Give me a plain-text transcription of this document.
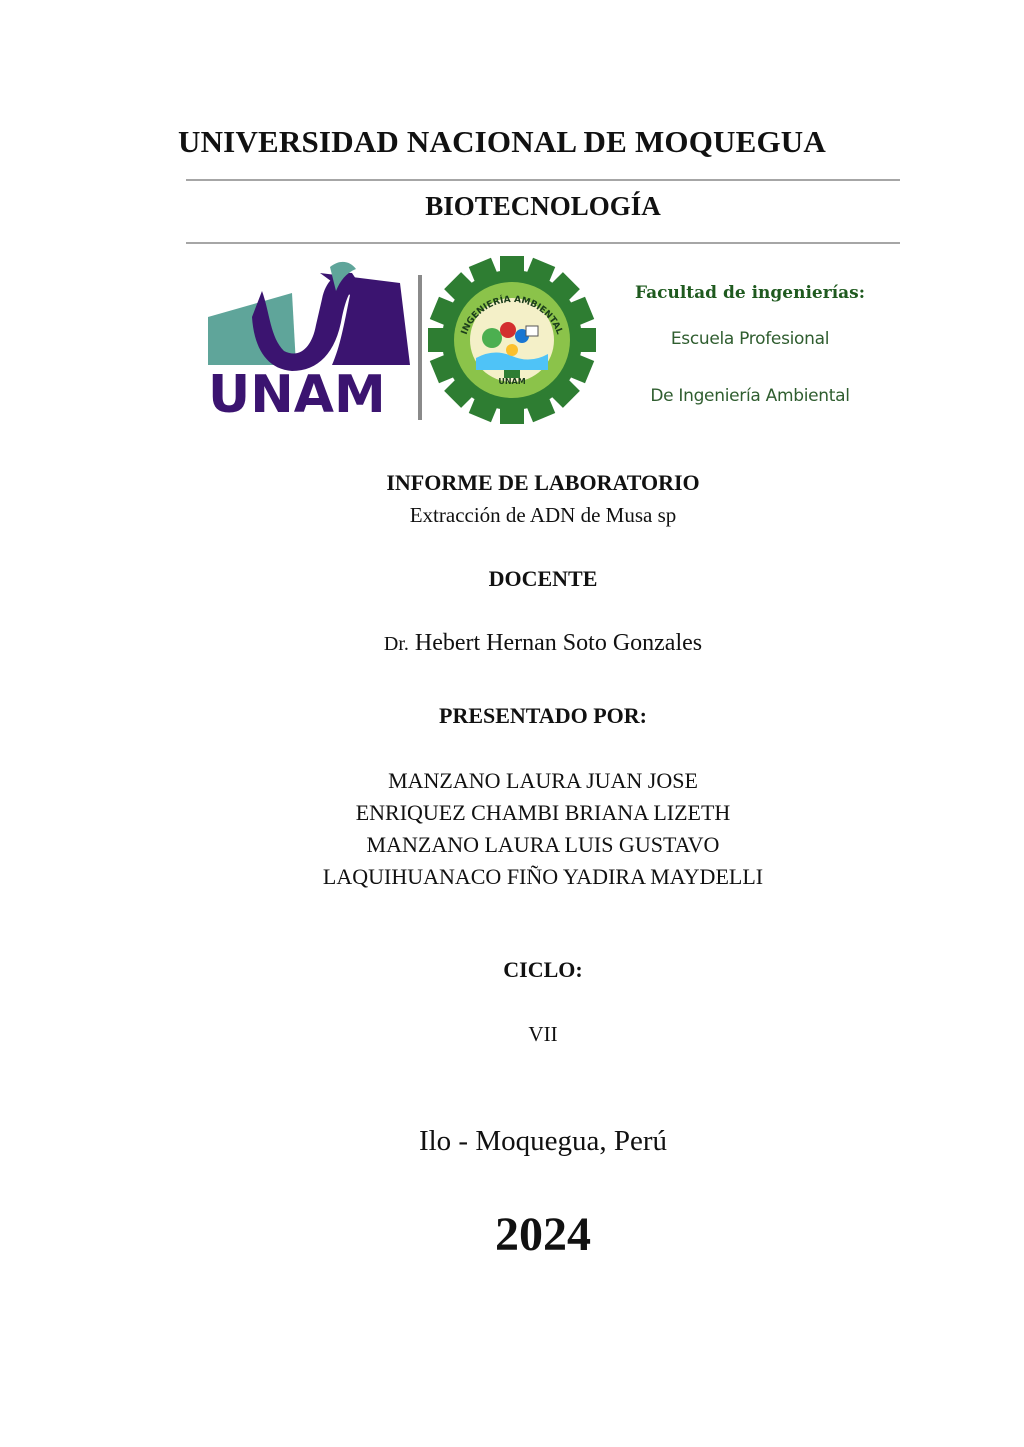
UNIVERSIDAD NACIONAL DE MOQUEGUA
BIOTECNOLOGÍA
UNAM
INGENIERÍA AMBIENTAL
UNAM
Facultad de ingenierías:
Escuela Profesional
De Ingeniería Ambiental
INFORME DE LABORATORIO
Extracción de ADN de Musa sp
DOCENTE
Dr. Hebert Hernan Soto Gonzales
PRESENTADO POR:
MANZANO LAURA JUAN JOSE
ENRIQUEZ CHAMBI BRIANA LIZETH
MANZANO LAURA LUIS GUSTAVO
LAQUIHUANACO FIÑO YADIRA MAYDELLI
CICLO:
VII
Ilo - Moquegua, Perú
2024
